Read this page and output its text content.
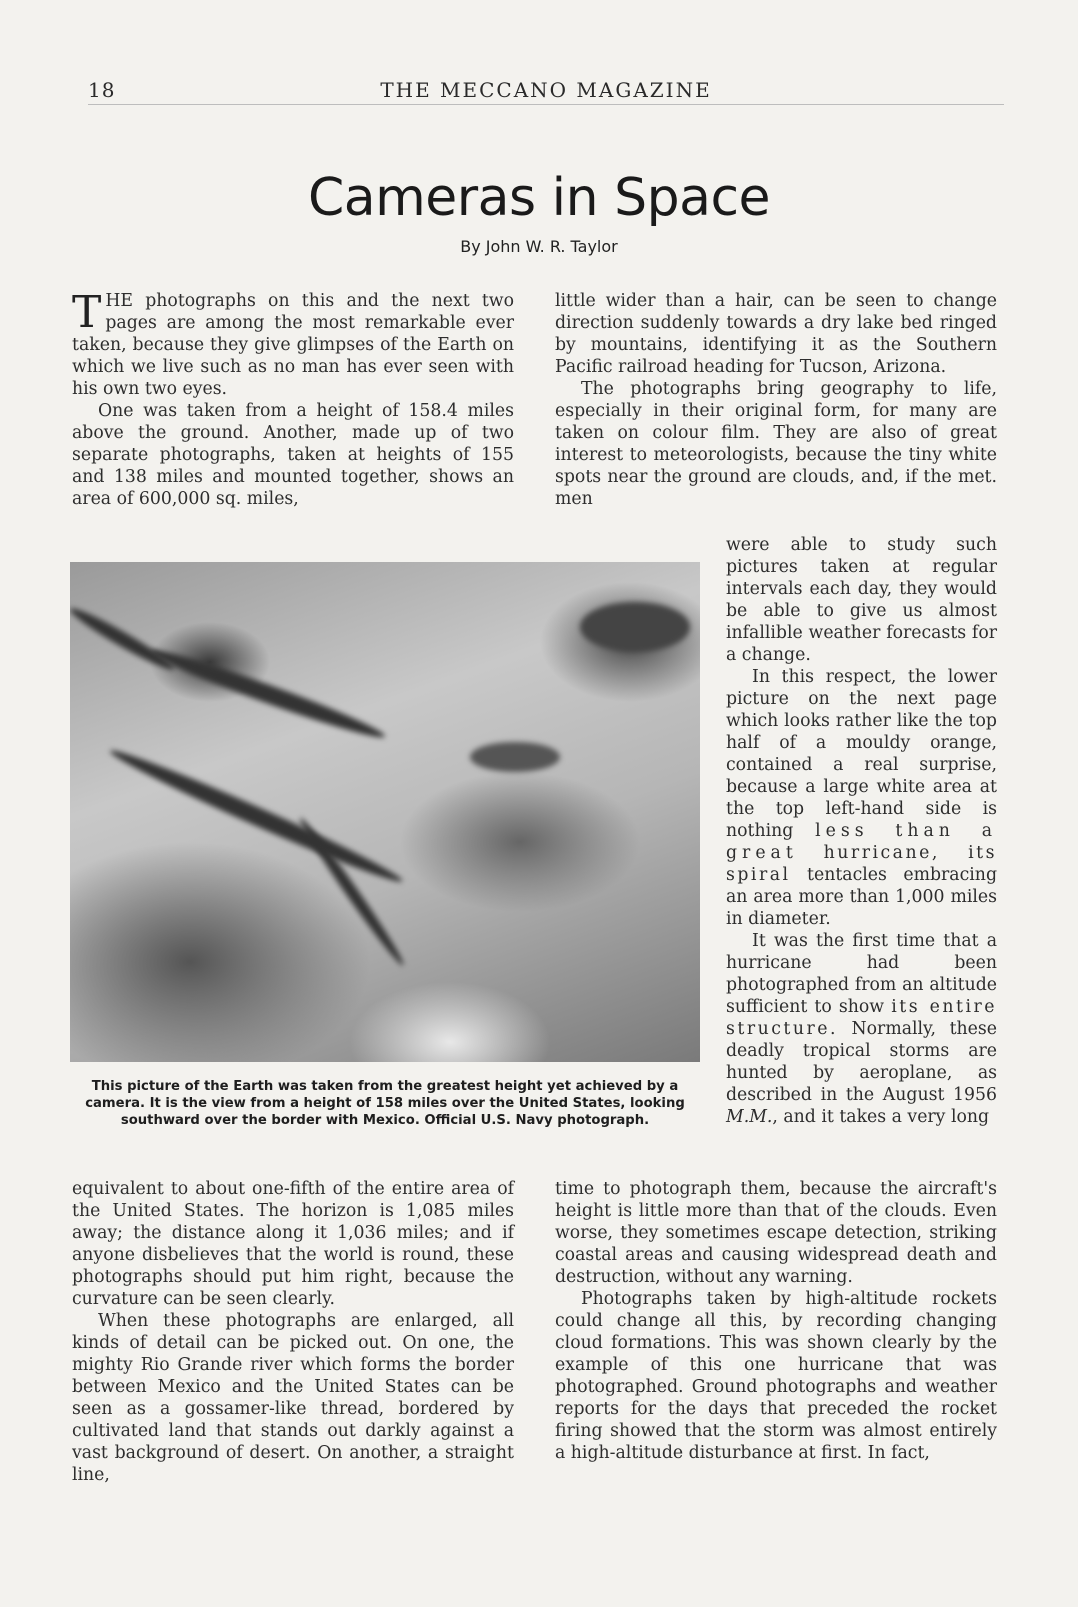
18	THE MECCANO MAGAZINE
Cameras in Space
By John W. R. Taylor

THE photographs on this and the next two pages are among the most remarkable ever taken, because they give glimpses of the Earth on which we live such as no man has ever seen with his own two eyes.

One was taken from a height of 158.4 miles above the ground. Another, made up of two separate photographs, taken at heights of 155 and 138 miles and mounted together, shows an area of 600,000 sq. miles,

little wider than a hair, can be seen to change direction suddenly towards a dry lake bed ringed by mountains, identifying it as the Southern Pacific railroad heading for Tucson, Arizona.

The photographs bring geography to life, especially in their original form, for many are taken on colour film. They are also of great interest to meteorologists, because the tiny white spots near the ground are clouds, and, if the met. men

were able to study such pictures taken at regular intervals each day, they would be able to give us almost infallible weather forecasts for a change.

In this respect, the lower picture on the next page which looks rather like the top half of a mouldy orange, contained a real surprise, because a large white area at the top left-hand side is nothing less than a great hurricane, its spiral tentacles embracing an area more than 1,000 miles in diameter.

It was the first time that a hurricane had been photographed from an altitude sufficient to show its entire structure. Normally, these deadly tropical storms are hunted by aeroplane, as described in the August 1956 M.M., and it takes a very long

This picture of the Earth was taken from the greatest height yet achieved by a camera. It is the view from a height of 158 miles over the United States, looking southward over the border with Mexico. Official U.S. Navy photograph.

equivalent to about one-fifth of the entire area of the United States. The horizon is 1,085 miles away; the distance along it 1,036 miles; and if anyone disbelieves that the world is round, these photographs should put him right, because the curvature can be seen clearly.

When these photographs are enlarged, all kinds of detail can be picked out. On one, the mighty Rio Grande river which forms the border between Mexico and the United States can be seen as a gossamer-like thread, bordered by cultivated land that stands out darkly against a vast background of desert. On another, a straight line,

time to photograph them, because the aircraft's height is little more than that of the clouds. Even worse, they sometimes escape detection, striking coastal areas and causing widespread death and destruction, without any warning.

Photographs taken by high-altitude rockets could change all this, by recording changing cloud formations. This was shown clearly by the example of this one hurricane that was photographed. Ground photographs and weather reports for the days that preceded the rocket firing showed that the storm was almost entirely a high-altitude disturbance at first. In fact,
